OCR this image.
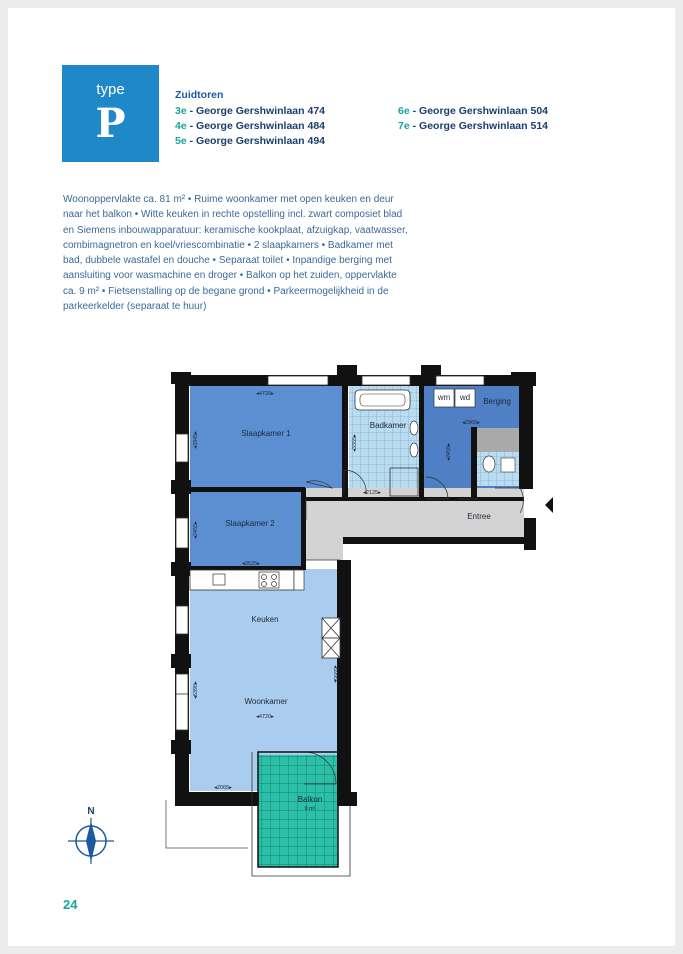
type
P
Zuidtoren
3e - George Gershwinlaan 474
4e - George Gershwinlaan 484
5e - George Gershwinlaan 494
6e - George Gershwinlaan 504
7e - George Gershwinlaan 514
Woonoppervlakte ca. 81 m² • Ruime woonkamer met open keuken en deur
naar het balkon • Witte keuken in rechte opstelling incl. zwart composiet blad
en Siemens inbouwapparatuur: keramische kookplaat, afzuigkap, vaatwasser,
combimagnetron en koel/vriescombinatie • 2 slaapkamers • Badkamer met
bad, dubbele wastafel en douche • Separaat toilet • Inpandige berging met
aansluiting voor wasmachine en droger • Balkon op het zuiden, oppervlakte
ca. 9 m² • Fietsenstalling op de begane grond • Parkeermogelijkheid in de
parkeerkelder (separaat te huur)
Slaapkamer 1
Slaapkamer 2
Badkamer
Berging
Entree
Keuken
Woonkamer
Balkon
9 m²
wm wd
◂4720▸
◂3345▸
◂2455▸
◂3525▸
◂3355▸
◂2125▸
◂2965▸
◂2455▸
◂6390▸
◂5995▸
◂4720▸
◂2065▸
N
24
